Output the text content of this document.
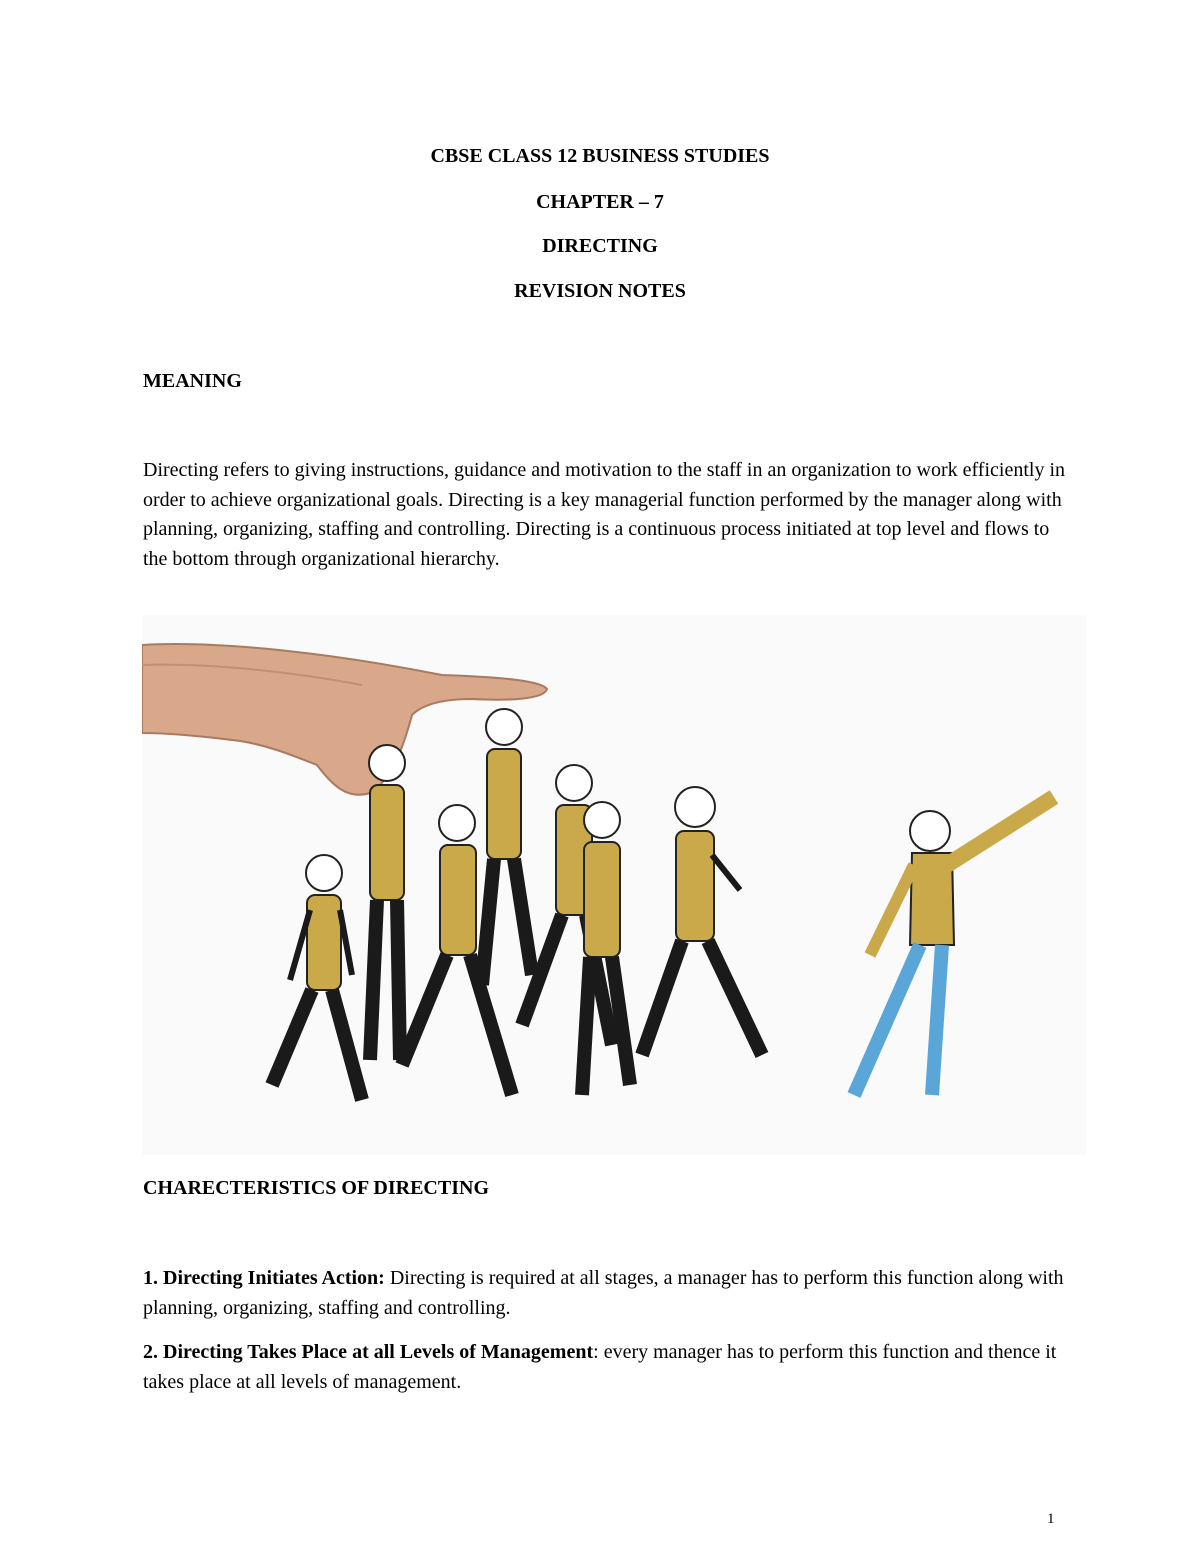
CBSE CLASS 12 BUSINESS STUDIES
CHAPTER – 7
DIRECTING
REVISION NOTES
MEANING
Directing refers to giving instructions, guidance and motivation to the staff in an organization to work efficiently in order to achieve organizational goals. Directing is a key managerial function performed by the manager along with planning, organizing, staffing and controlling. Directing is a continuous process initiated at top level and flows to the bottom through organizational hierarchy.
CHARECTERISTICS OF DIRECTING
1. Directing Initiates Action: Directing is required at all stages, a manager has to perform this function along with planning, organizing, staffing and controlling.
2. Directing Takes Place at all Levels of Management: every manager has to perform this function and thence it takes place at all levels of management.
1
